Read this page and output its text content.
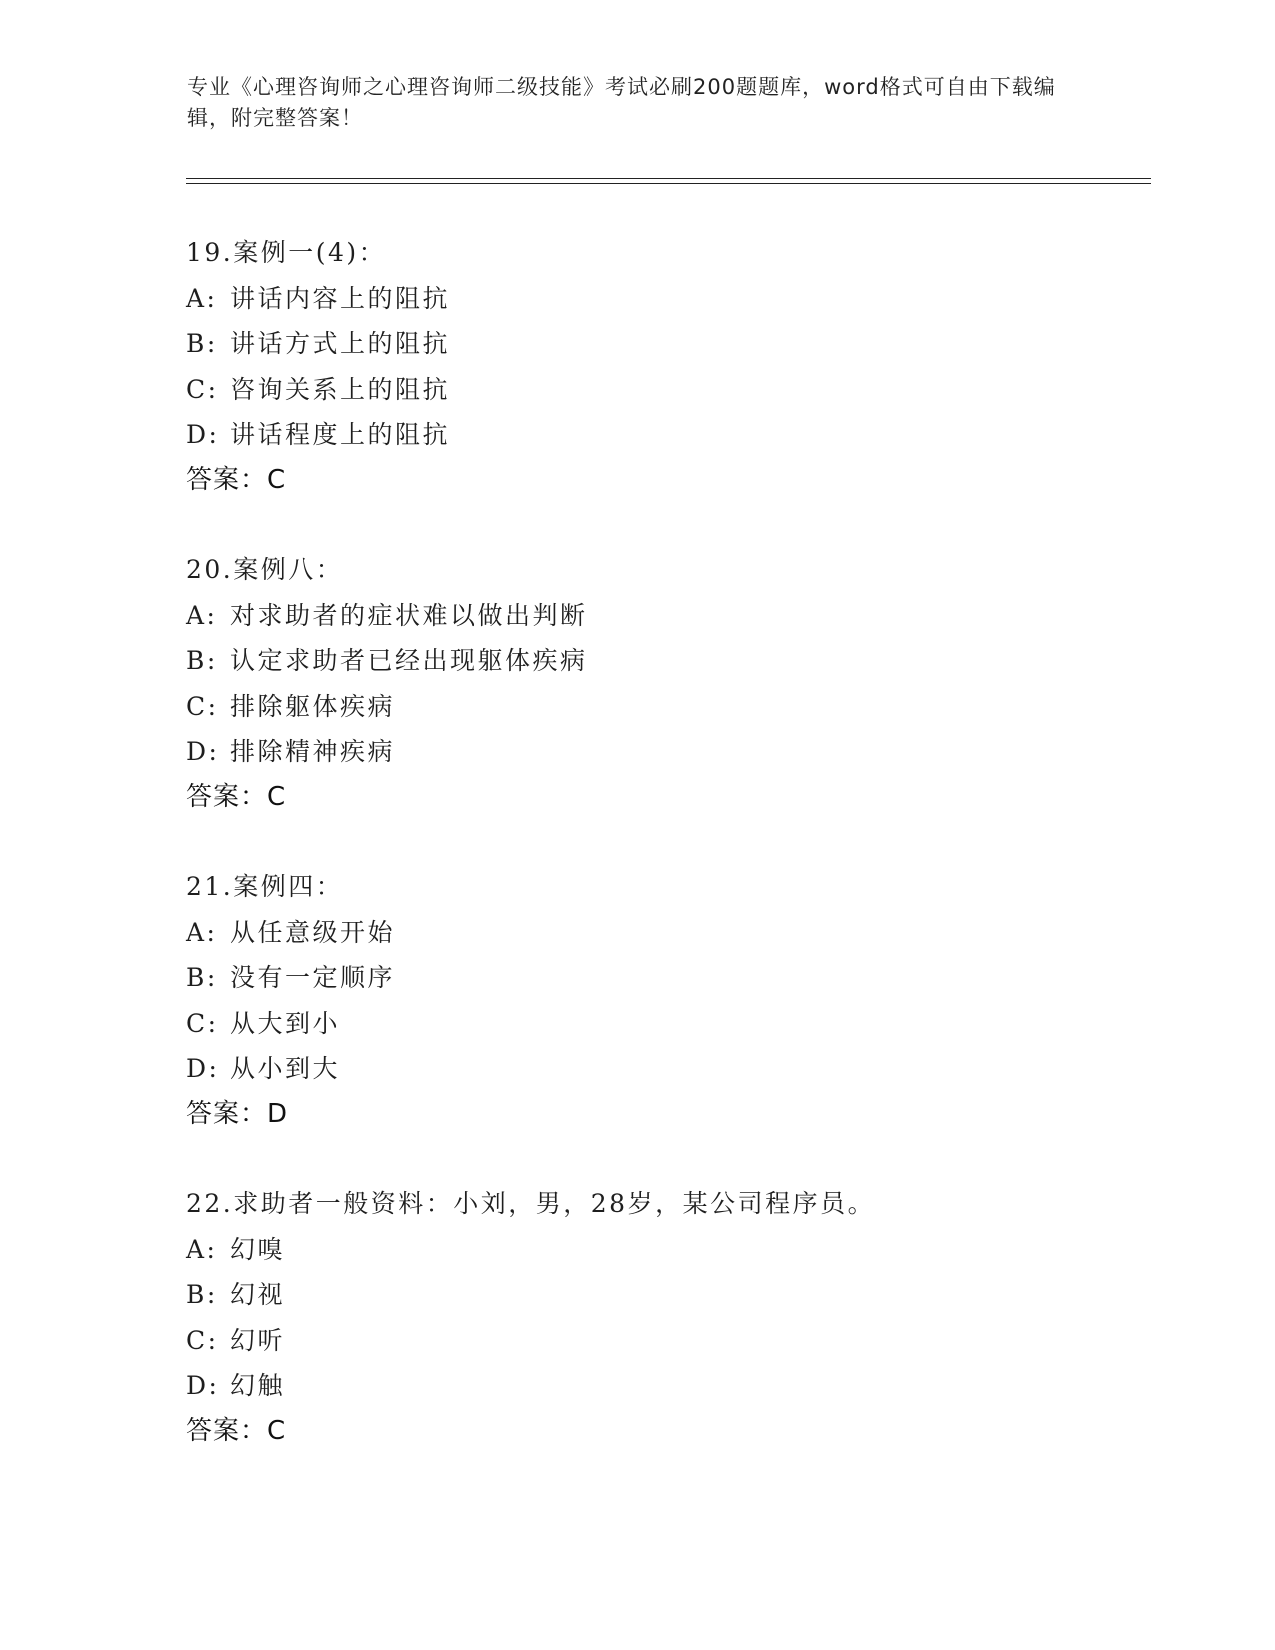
专业《心理咨询师之心理咨询师二级技能》考试必刷200题题库，word格式可自由下载编辑，附完整答案！
19.案例一(4)：
A: 讲话内容上的阻抗
B: 讲话方式上的阻抗
C: 咨询关系上的阻抗
D: 讲话程度上的阻抗
答案：C
20.案例八：
A: 对求助者的症状难以做出判断
B: 认定求助者已经出现躯体疾病
C: 排除躯体疾病
D: 排除精神疾病
答案：C
21.案例四：
A: 从任意级开始
B: 没有一定顺序
C: 从大到小
D: 从小到大
答案：D
22.求助者一般资料：小刘，男，28岁，某公司程序员。
A: 幻嗅
B: 幻视
C: 幻听
D: 幻触
答案：C
